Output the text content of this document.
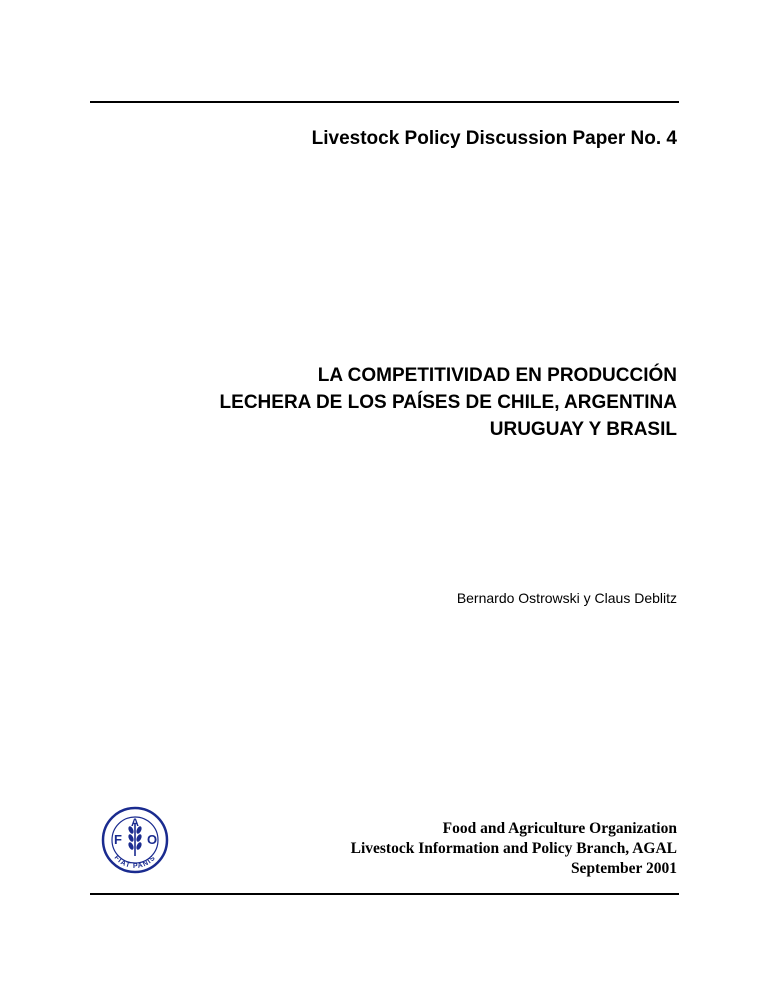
Livestock Policy Discussion Paper No. 4
LA COMPETITIVIDAD EN PRODUCCIÓN
LECHERA DE LOS PAÍSES DE CHILE, ARGENTINA
URUGUAY Y BRASIL
Bernardo Ostrowski y Claus Deblitz
F
A
O
FIAT PANIS
Food and Agriculture Organization
Livestock Information and Policy Branch, AGAL
September 2001
